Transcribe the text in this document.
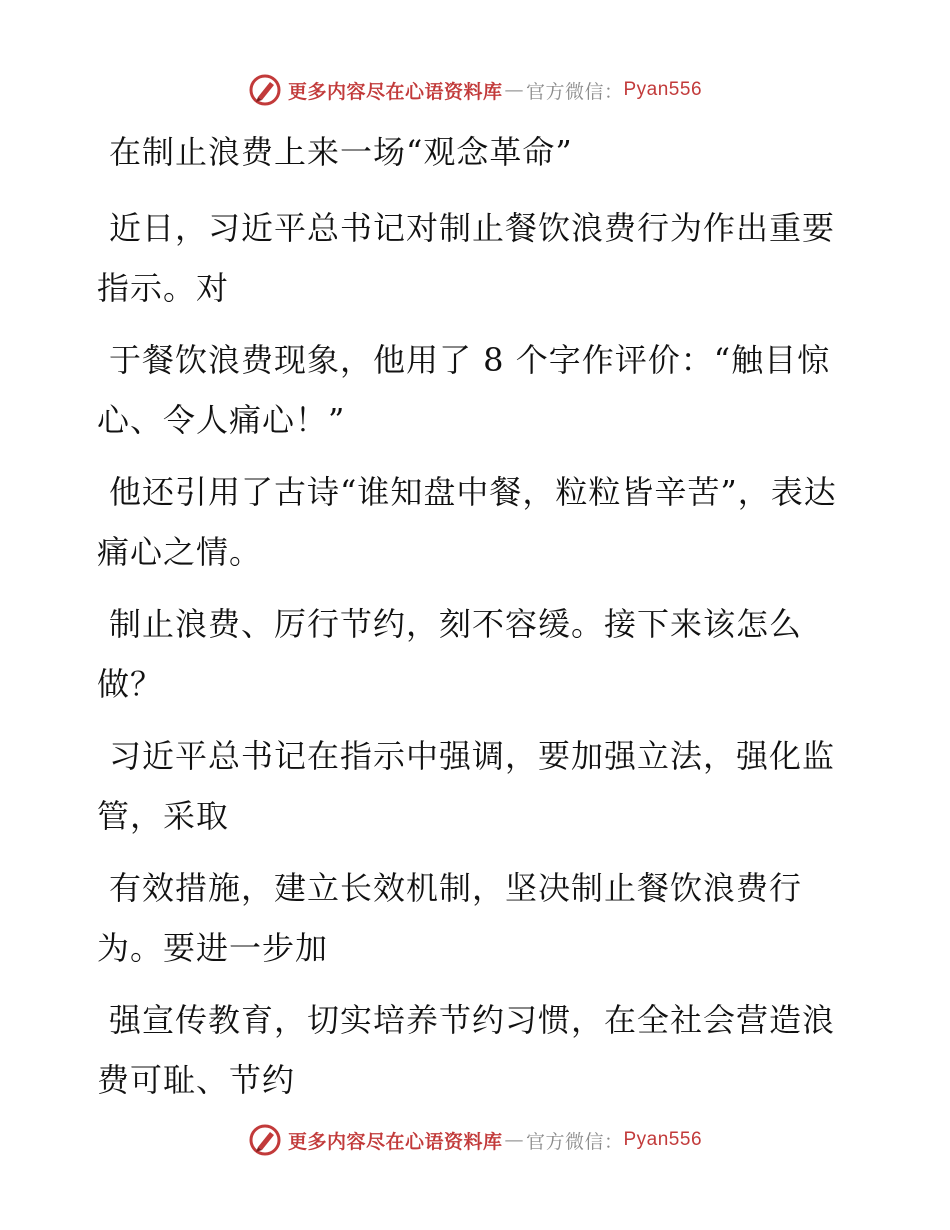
更多内容尽在心语资料库 — 官方微信： Pyan556

在制止浪费上来一场“观念革命”

近日，习近平总书记对制止餐饮浪费行为作出重要指示。对

于餐饮浪费现象，他用了 8 个字作评价：“触目惊心、令人痛心！”

他还引用了古诗“谁知盘中餐，粒粒皆辛苦”，表达痛心之情。

制止浪费、厉行节约，刻不容缓。接下来该怎么做？

习近平总书记在指示中强调，要加强立法，强化监管，采取

有效措施，建立长效机制，坚决制止餐饮浪费行为。要进一步加

强宣传教育，切实培养节约习惯，在全社会营造浪费可耻、节约

更多内容尽在心语资料库 — 官方微信： Pyan556
